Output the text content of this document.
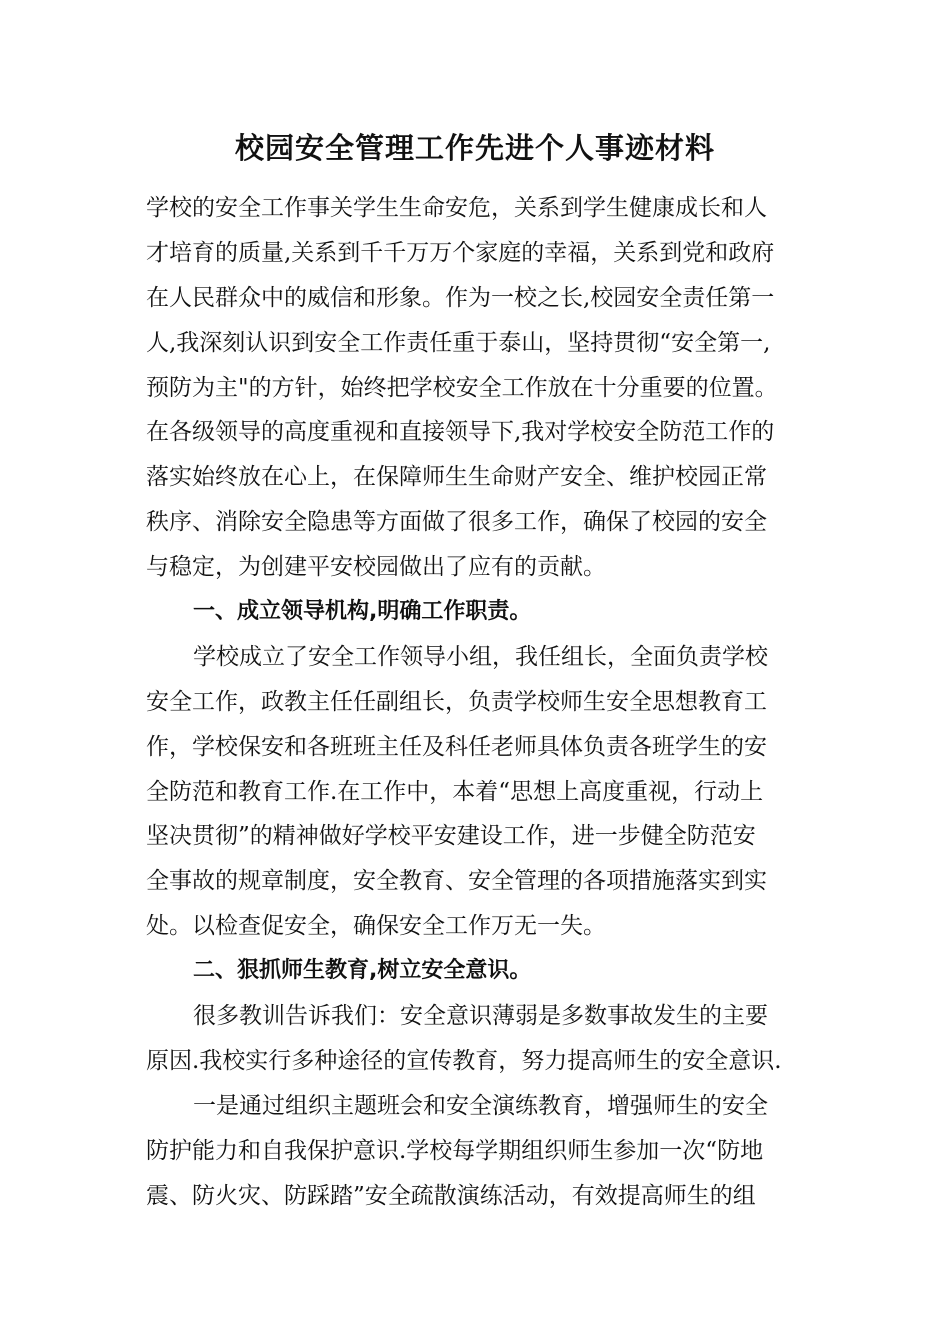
校园安全管理工作先进个人事迹材料
学校的安全工作事关学生生命安危，关系到学生健康成长和人
才培育的质量,关系到千千万万个家庭的幸福，关系到党和政府
在人民群众中的威信和形象。作为一校之长,校园安全责任第一
人,我深刻认识到安全工作责任重于泰山，坚持贯彻“安全第一,
预防为主"的方针，始终把学校安全工作放在十分重要的位置。
在各级领导的高度重视和直接领导下,我对学校安全防范工作的
落实始终放在心上，在保障师生生命财产安全、维护校园正常
秩序、消除安全隐患等方面做了很多工作，确保了校园的安全
与稳定，为创建平安校园做出了应有的贡献。
一、成立领导机构,明确工作职责。
学校成立了安全工作领导小组，我任组长，全面负责学校
安全工作，政教主任任副组长，负责学校师生安全思想教育工
作，学校保安和各班班主任及科任老师具体负责各班学生的安
全防范和教育工作.在工作中，本着“思想上高度重视，行动上
坚决贯彻”的精神做好学校平安建设工作，进一步健全防范安
全事故的规章制度，安全教育、安全管理的各项措施落实到实
处。以检查促安全，确保安全工作万无一失。
二、狠抓师生教育,树立安全意识。
很多教训告诉我们：安全意识薄弱是多数事故发生的主要
原因.我校实行多种途径的宣传教育，努力提高师生的安全意识.
一是通过组织主题班会和安全演练教育，增强师生的安全
防护能力和自我保护意识.学校每学期组织师生参加一次“防地
震、防火灾、防踩踏”安全疏散演练活动，有效提高师生的组
